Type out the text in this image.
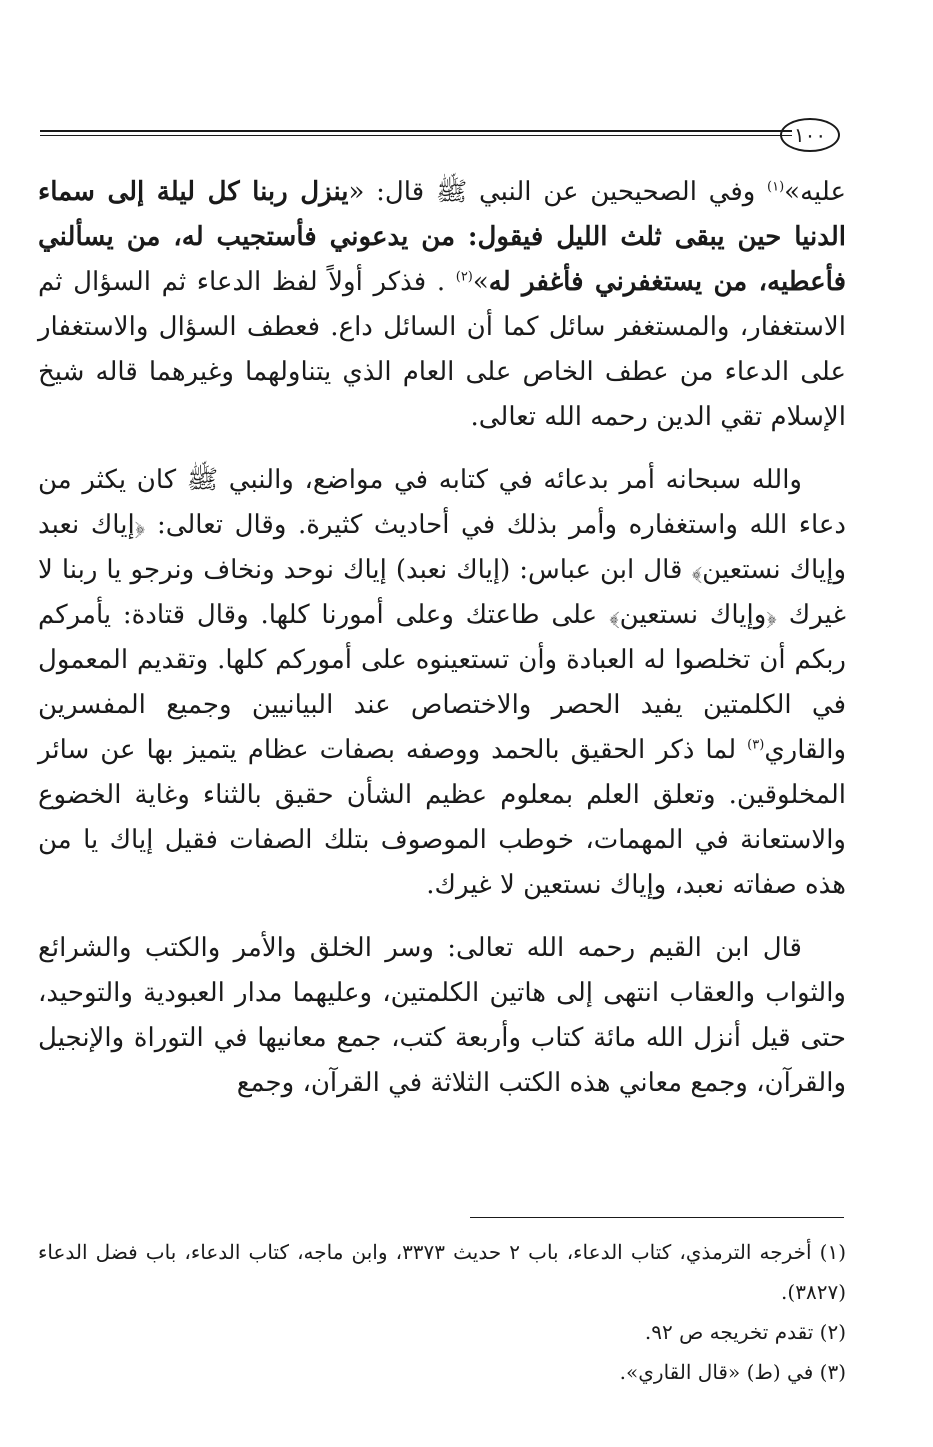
١٠٠

عليه»$^{(١)}$ وفي الصحيحين عن النبي ﷺ قال: «ينزل ربنا كل ليلة إلى سماء الدنيا حين يبقى ثلث الليل فيقول: من يدعوني فأستجيب له، من يسألني فأعطيه، من يستغفرني فأغفر له»$^{(٢)}$ . فذكر أولاً لفظ الدعاء ثم السؤال ثم الاستغفار، والمستغفر سائل كما أن السائل داع. فعطف السؤال والاستغفار على الدعاء من عطف الخاص على العام الذي يتناولهما وغيرهما قاله شيخ الإسلام تقي الدين رحمه الله تعالى.

والله سبحانه أمر بدعائه في كتابه في مواضع، والنبي ﷺ كان يكثر من دعاء الله واستغفاره وأمر بذلك في أحاديث كثيرة. وقال تعالى: ﴿إياك نعبد وإياك نستعين﴾ قال ابن عباس: (إياك نعبد) إياك نوحد ونخاف ونرجو يا ربنا لا غيرك ﴿وإياك نستعين﴾ على طاعتك وعلى أمورنا كلها. وقال قتادة: يأمركم ربكم أن تخلصوا له العبادة وأن تستعينوه على أموركم كلها. وتقديم المعمول في الكلمتين يفيد الحصر والاختصاص عند البيانيين وجميع المفسرين والقاري$^{(٣)}$ لما ذكر الحقيق بالحمد ووصفه بصفات عظام يتميز بها عن سائر المخلوقين. وتعلق العلم بمعلوم عظيم الشأن حقيق بالثناء وغاية الخضوع والاستعانة في المهمات، خوطب الموصوف بتلك الصفات فقيل إياك يا من هذه صفاته نعبد، وإياك نستعين لا غيرك.

قال ابن القيم رحمه الله تعالى: وسر الخلق والأمر والكتب والشرائع والثواب والعقاب انتهى إلى هاتين الكلمتين، وعليهما مدار العبودية والتوحيد، حتى قيل أنزل الله مائة كتاب وأربعة كتب، جمع معانيها في التوراة والإنجيل والقرآن، وجمع معاني هذه الكتب الثلاثة في القرآن، وجمع

(١) أخرجه الترمذي، كتاب الدعاء، باب ٢ حديث ٣٣٧٣، وابن ماجه، كتاب الدعاء، باب فضل الدعاء (٣٨٢٧).

(٢) تقدم تخريجه ص ٩٢.

(٣) في (ط) «قال القاري».
